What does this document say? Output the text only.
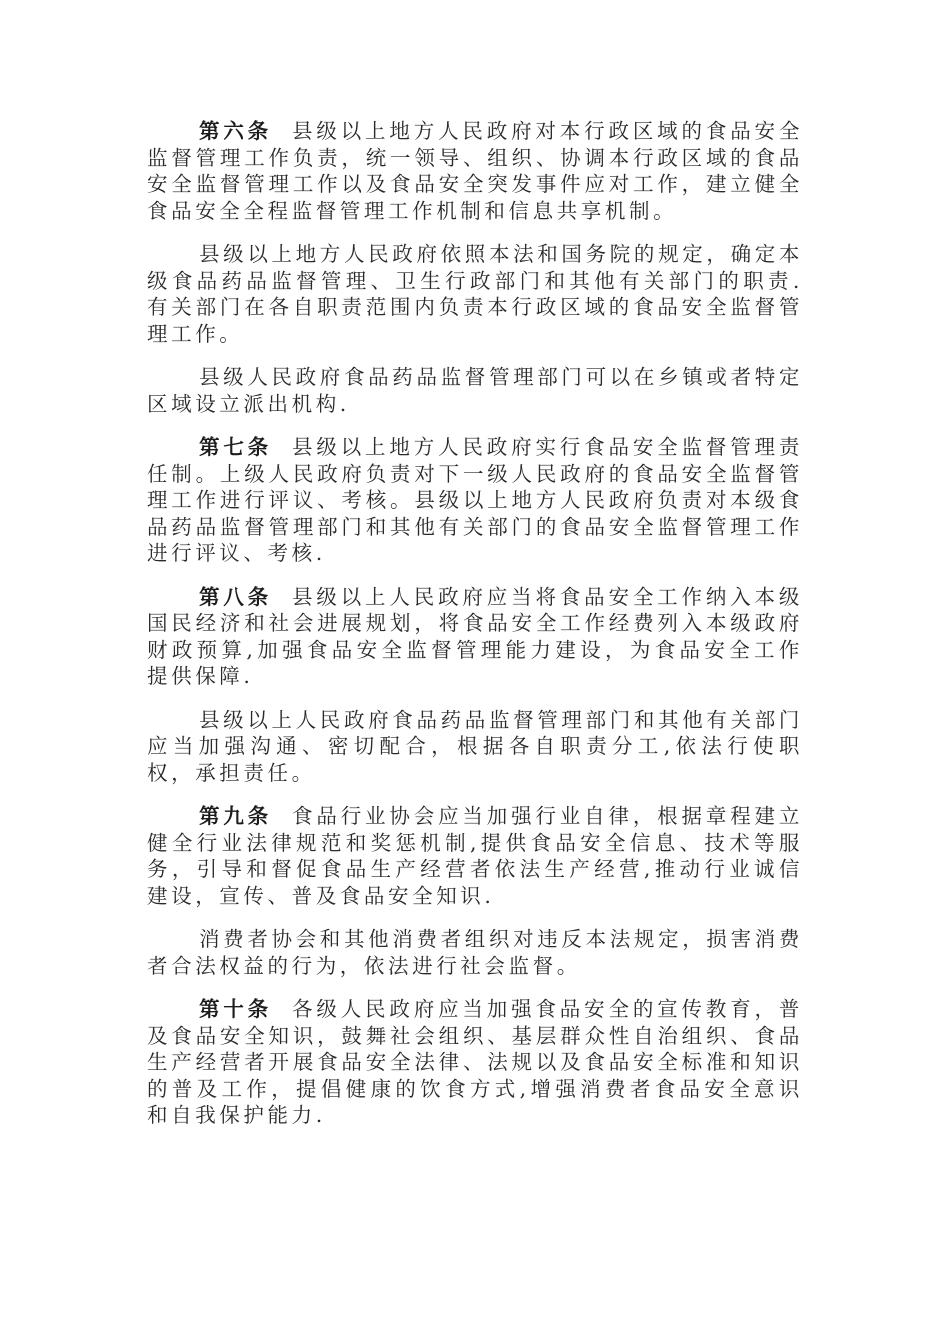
第六条 县级以上地方人民政府对本行政区域的食品安全监督管理工作负责，统一领导、组织、协调本行政区域的食品安全监督管理工作以及食品安全突发事件应对工作，建立健全食品安全全程监督管理工作机制和信息共享机制。

县级以上地方人民政府依照本法和国务院的规定，确定本级食品药品监督管理、卫生行政部门和其他有关部门的职责.有关部门在各自职责范围内负责本行政区域的食品安全监督管理工作。

县级人民政府食品药品监督管理部门可以在乡镇或者特定区域设立派出机构.

第七条 县级以上地方人民政府实行食品安全监督管理责任制。上级人民政府负责对下一级人民政府的食品安全监督管理工作进行评议、考核。县级以上地方人民政府负责对本级食品药品监督管理部门和其他有关部门的食品安全监督管理工作进行评议、考核.

第八条 县级以上人民政府应当将食品安全工作纳入本级国民经济和社会进展规划，将食品安全工作经费列入本级政府财政预算,加强食品安全监督管理能力建设，为食品安全工作提供保障.

县级以上人民政府食品药品监督管理部门和其他有关部门应当加强沟通、密切配合，根据各自职责分工,依法行使职权，承担责任。

第九条 食品行业协会应当加强行业自律，根据章程建立健全行业法律规范和奖惩机制,提供食品安全信息、技术等服务，引导和督促食品生产经营者依法生产经营,推动行业诚信建设，宣传、普及食品安全知识.

消费者协会和其他消费者组织对违反本法规定，损害消费者合法权益的行为，依法进行社会监督。

第十条 各级人民政府应当加强食品安全的宣传教育，普及食品安全知识，鼓舞社会组织、基层群众性自治组织、食品生产经营者开展食品安全法律、法规以及食品安全标准和知识的普及工作，提倡健康的饮食方式,增强消费者食品安全意识和自我保护能力.
